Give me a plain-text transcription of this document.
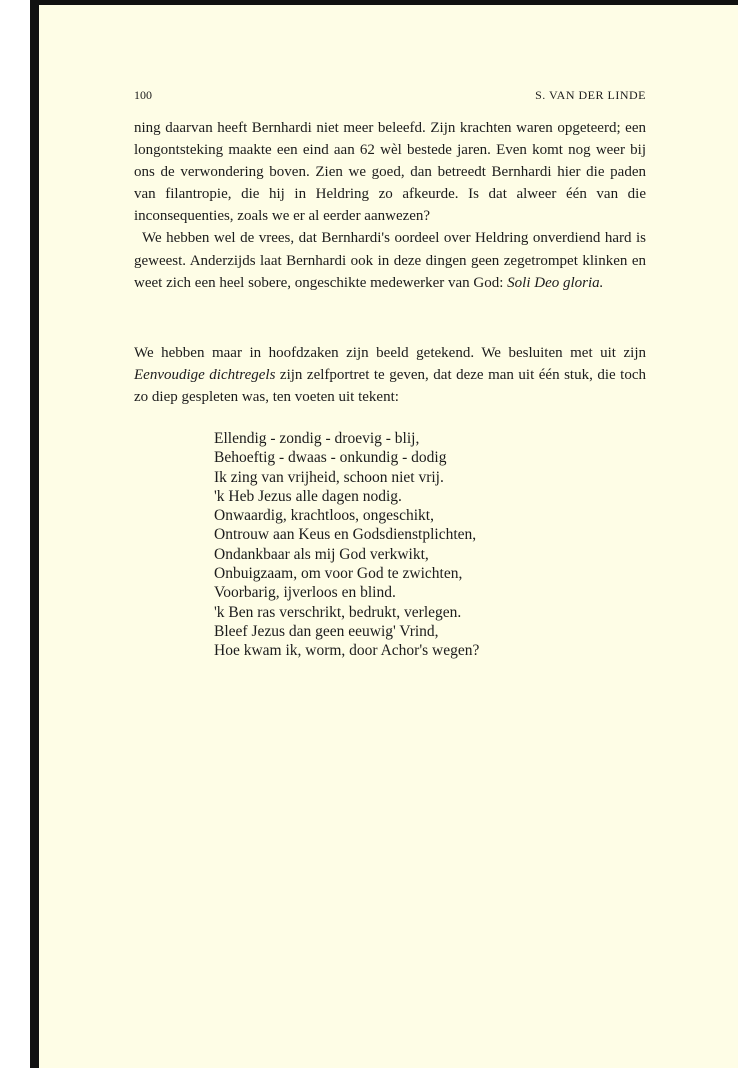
100	S. VAN DER LINDE

ning daarvan heeft Bernhardi niet meer beleefd. Zijn krachten waren opgeteerd; een longontsteking maakte een eind aan 62 wèl bestede jaren. Even komt nog weer bij ons de verwondering boven. Zien we goed, dan betreedt Bernhardi hier die paden van filantropie, die hij in Heldring zo afkeurde. Is dat alweer één van die inconsequenties, zoals we er al eerder aanwezen?

We hebben wel de vrees, dat Bernhardi's oordeel over Heldring onverdiend hard is geweest. Anderzijds laat Bernhardi ook in deze dingen geen zegetrompet klinken en weet zich een heel sobere, ongeschikte medewerker van God: Soli Deo gloria.

We hebben maar in hoofdzaken zijn beeld getekend. We besluiten met uit zijn Eenvoudige dichtregels zijn zelfportret te geven, dat deze man uit één stuk, die toch zo diep gespleten was, ten voeten uit tekent:

Ellendig - zondig - droevig - blij,
Behoeftig - dwaas - onkundig - dodig
Ik zing van vrijheid, schoon niet vrij.
'k Heb Jezus alle dagen nodig.
Onwaardig, krachtloos, ongeschikt,
Ontrouw aan Keus en Godsdienstplichten,
Ondankbaar als mij God verkwikt,
Onbuigzaam, om voor God te zwichten,
Voorbarig, ijverloos en blind.
'k Ben ras verschrikt, bedrukt, verlegen.
Bleef Jezus dan geen eeuwig' Vrind,
Hoe kwam ik, worm, door Achor's wegen?
